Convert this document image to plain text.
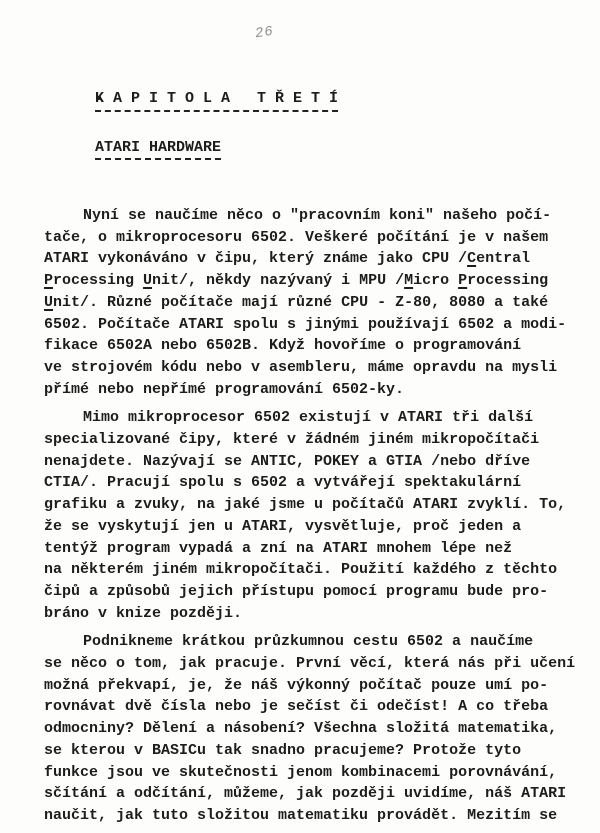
26
K A P I T O L A   T Ř E T Í
ATARI HARDWARE
Nyní se naučíme něco o "pracovním koni" našeho počí-
tače, o mikroprocesoru 6502. Veškeré počítání je v našem
ATARI vykonáváno v čipu, který známe jako CPU /Central
Processing Unit/, někdy nazývaný i MPU /Micro Processing
Unit/. Různé počítače mají různé CPU - Z-80, 8080 a také
6502. Počítače ATARI spolu s jinými používají 6502 a modi-
fikace 6502A nebo 6502B. Když hovoříme o programování
ve strojovém kódu nebo v asembleru, máme opravdu na mysli
přímé nebo nepřímé programování 6502-ky.
Mimo mikroprocesor 6502 existují v ATARI tři další
specializované čipy, které v žádném jiném mikropočítači
nenajdete. Nazývají se ANTIC, POKEY a GTIA /nebo dříve
CTIA/. Pracují spolu s 6502 a vytvářejí spektakulární
grafiku a zvuky, na jaké jsme u počítačů ATARI zvyklí. To,
že se vyskytují jen u ATARI, vysvětluje, proč jeden a
tentýž program vypadá a zní na ATARI mnohem lépe než
na některém jiném mikropočítači. Použití každého z těchto
čipů a způsobů jejich přístupu pomocí programu bude pro-
bráno v knize později.
Podnikneme krátkou průzkumnou cestu 6502 a naučíme
se něco o tom, jak pracuje. První věcí, která nás při učení
možná překvapí, je, že náš výkonný počítač pouze umí po-
rovnávat dvě čísla nebo je sečíst či odečíst! A co třeba
odmocniny? Dělení a násobení? Všechna složitá matematika,
se kterou v BASICu tak snadno pracujeme? Protože tyto
funkce jsou ve skutečnosti jenom kombinacemi porovnávání,
sčítání a odčítání, můžeme, jak později uvidíme, náš ATARI
naučit, jak tuto složitou matematiku provádět. Mezitím se
